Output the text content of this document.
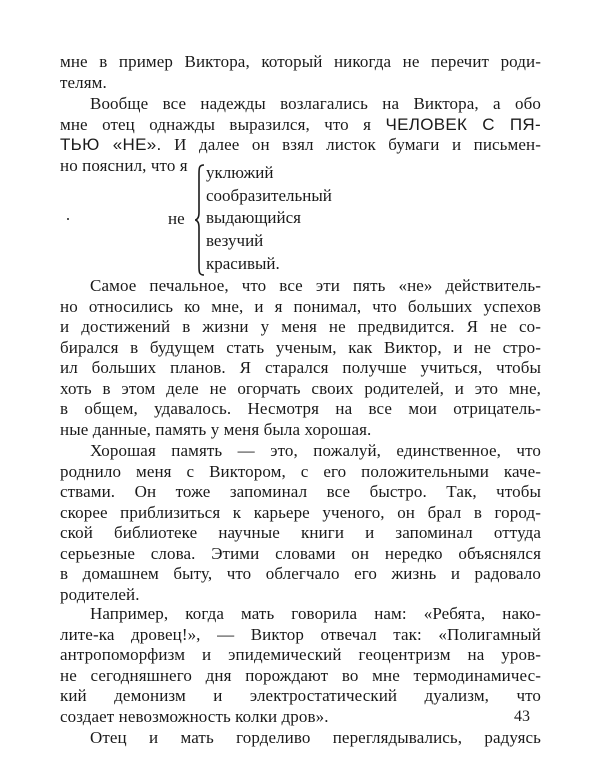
мне в пример Виктора, который никогда не перечит роди-

телям.

Вообще все надежды возлагались на Виктора, а обо

мне отец однажды выразился, что я ЧЕЛОВЕК С ПЯ-

ТЬЮ «НЕ». И далее он взял листок бумаги и письмен-

но пояснил, что я

не
уклюжий
сообразительный
выдающийся
везучий
красивый.

Самое печальное, что все эти пять «не» действитель-

но относились ко мне, и я понимал, что больших успехов

и достижений в жизни у меня не предвидится. Я не со-

бирался в будущем стать ученым, как Виктор, и не стро-

ил больших планов. Я старался получше учиться, чтобы

хоть в этом деле не огорчать своих родителей, и это мне,

в общем, удавалось. Несмотря на все мои отрицатель-

ные данные, память у меня была хорошая.

Хорошая память — это, пожалуй, единственное, что

роднило меня с Виктором, с его положительными каче-

ствами. Он тоже запоминал все быстро. Так, чтобы

скорее приблизиться к карьере ученого, он брал в город-

ской библиотеке научные книги и запоминал оттуда

серьезные слова. Этими словами он нередко объяснялся

в домашнем быту, что облегчало его жизнь и радовало

родителей.

Например, когда мать говорила нам: «Ребята, нако-

лите-ка дровец!», — Виктор отвечал так: «Полигамный

антропоморфизм и эпидемический геоцентризм на уров-

не сегодняшнего дня порождают во мне термодинамичес-

кий демонизм и электростатический дуализм, что

создает невозможность колки дров».

Отец и мать горделиво переглядывались, радуясь

43
